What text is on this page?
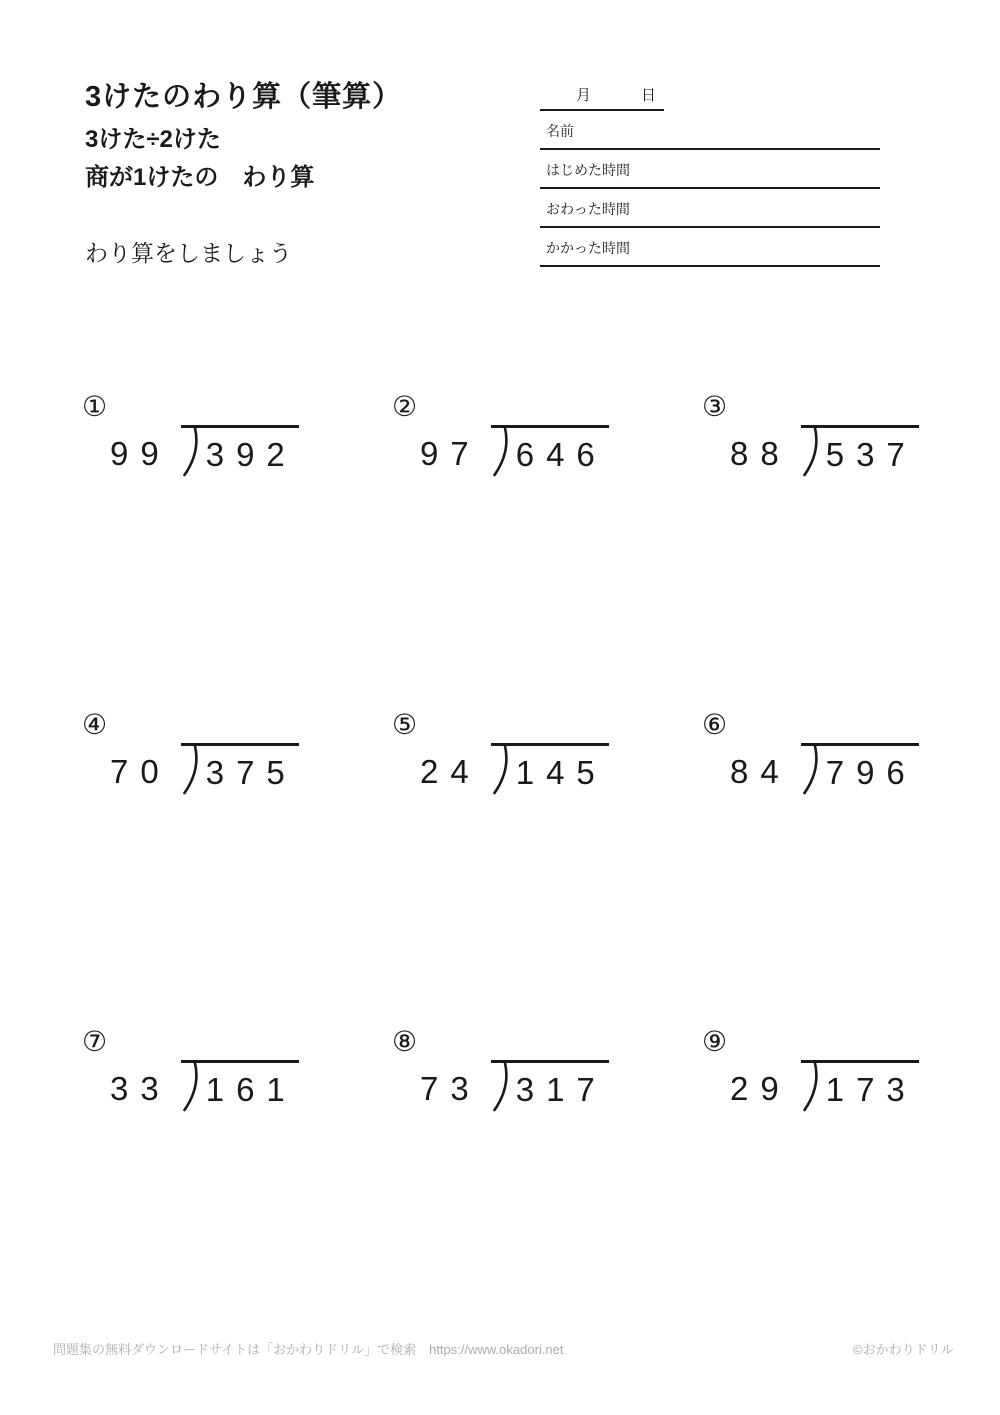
3けたのわり算（筆算）
3けた÷2けた
商が1けたの　わり算
わり算をしましょう
月	日
名前
はじめた時間
おわった時間
かかった時間
①
99	392
②
97	646
③
88	537
④
70	375
⑤
24	145
⑥
84	796
⑦
33	161
⑧
73	317
⑨
29	173
問題集の無料ダウンロードサイトは「おかわりドリル」で検索　https://www.okadori.net	©おかわりドリル
